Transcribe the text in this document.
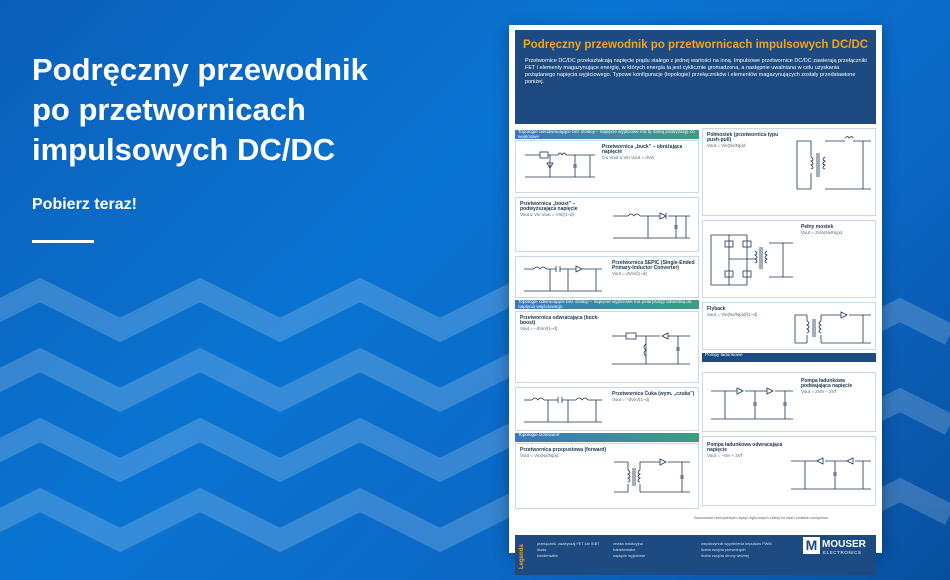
Podręczny przewodnik
po przetwornicach
impulsowych DC/DC
Pobierz teraz!
Podręczny przewodnik po przetwornicach impulsowych DC/DC
Przetwornice DC/DC przekształcają napięcie prądu stałego z jednej wartości na inną. Impulsowe przetwornice DC/DC zawierają przełączniki FET i elementy magazynujące energię, w których energia ta jest cyklicznie gromadzona, a następnie uwalniana w celu uzyskania pożądanego napięcia wyjściowego. Typowe konfiguracje (topologie) przełączników i elementów magazynujących zostały przedstawione poniżej.
Topologie nieodwracające bez izolacji – napięcie wyjściowe ma tę samą polaryzację co wejściowe
Topologie odwracające bez izolacji – napięcie wyjściowe ma polaryzację odwrotną do napięcia wejściowego
Topologie izolowane
Pompy ładunkowe
Przetwornica „buck” – obniżająca napięcie
0 ≤ Vout ≤ Vin Vout = dVin
Przetwornica „boost” – podwyższająca napięcie
Vout ≥ Vin Vout = Vin/(1–d)
Przetwornica SEPIC (Single-Ended Primary-Inductor Converter)
Vout = dVin/(1–d)
Przetwornica odwracająca (buck-boost)
Vout = –dVin/(1–d)
Przetwornica Ćuka (wym. „czuka”)
Vout = –dVin/(1–d)
Przetwornica przepustowa (forward)
Vout = Vin(Ns/Np)d
Półmostek (przetwornica typu push-pull)
Vout = Vin(Ns/Np)d
Pełny mostek
Vout = 2Vin(Ns/Np)d
Flyback
Vout = Vin(Ns/Np)d/(1–d)
Pompa ładunkowa podwajająca napięcie
Vout = 2Vin – 2Vf
Pompa ładunkowa odwracająca napięcie
Vout = –Vin + 2Vf
Zachowanie rzeczywistych napięć wyjściowych zależy od strat i rozkładu obciążenia.
Legenda
przełącznik, zazwyczaj FET lub IGBT
dioda
kondensator
cewka indukcyjna
transformator
napięcie wyjściowe
współczynnik wypełnienia impulsów PWM
liczba zwojów pierwotnych
liczba zwojów strony wtórnej
M MOUSER
ELECTRONICS
